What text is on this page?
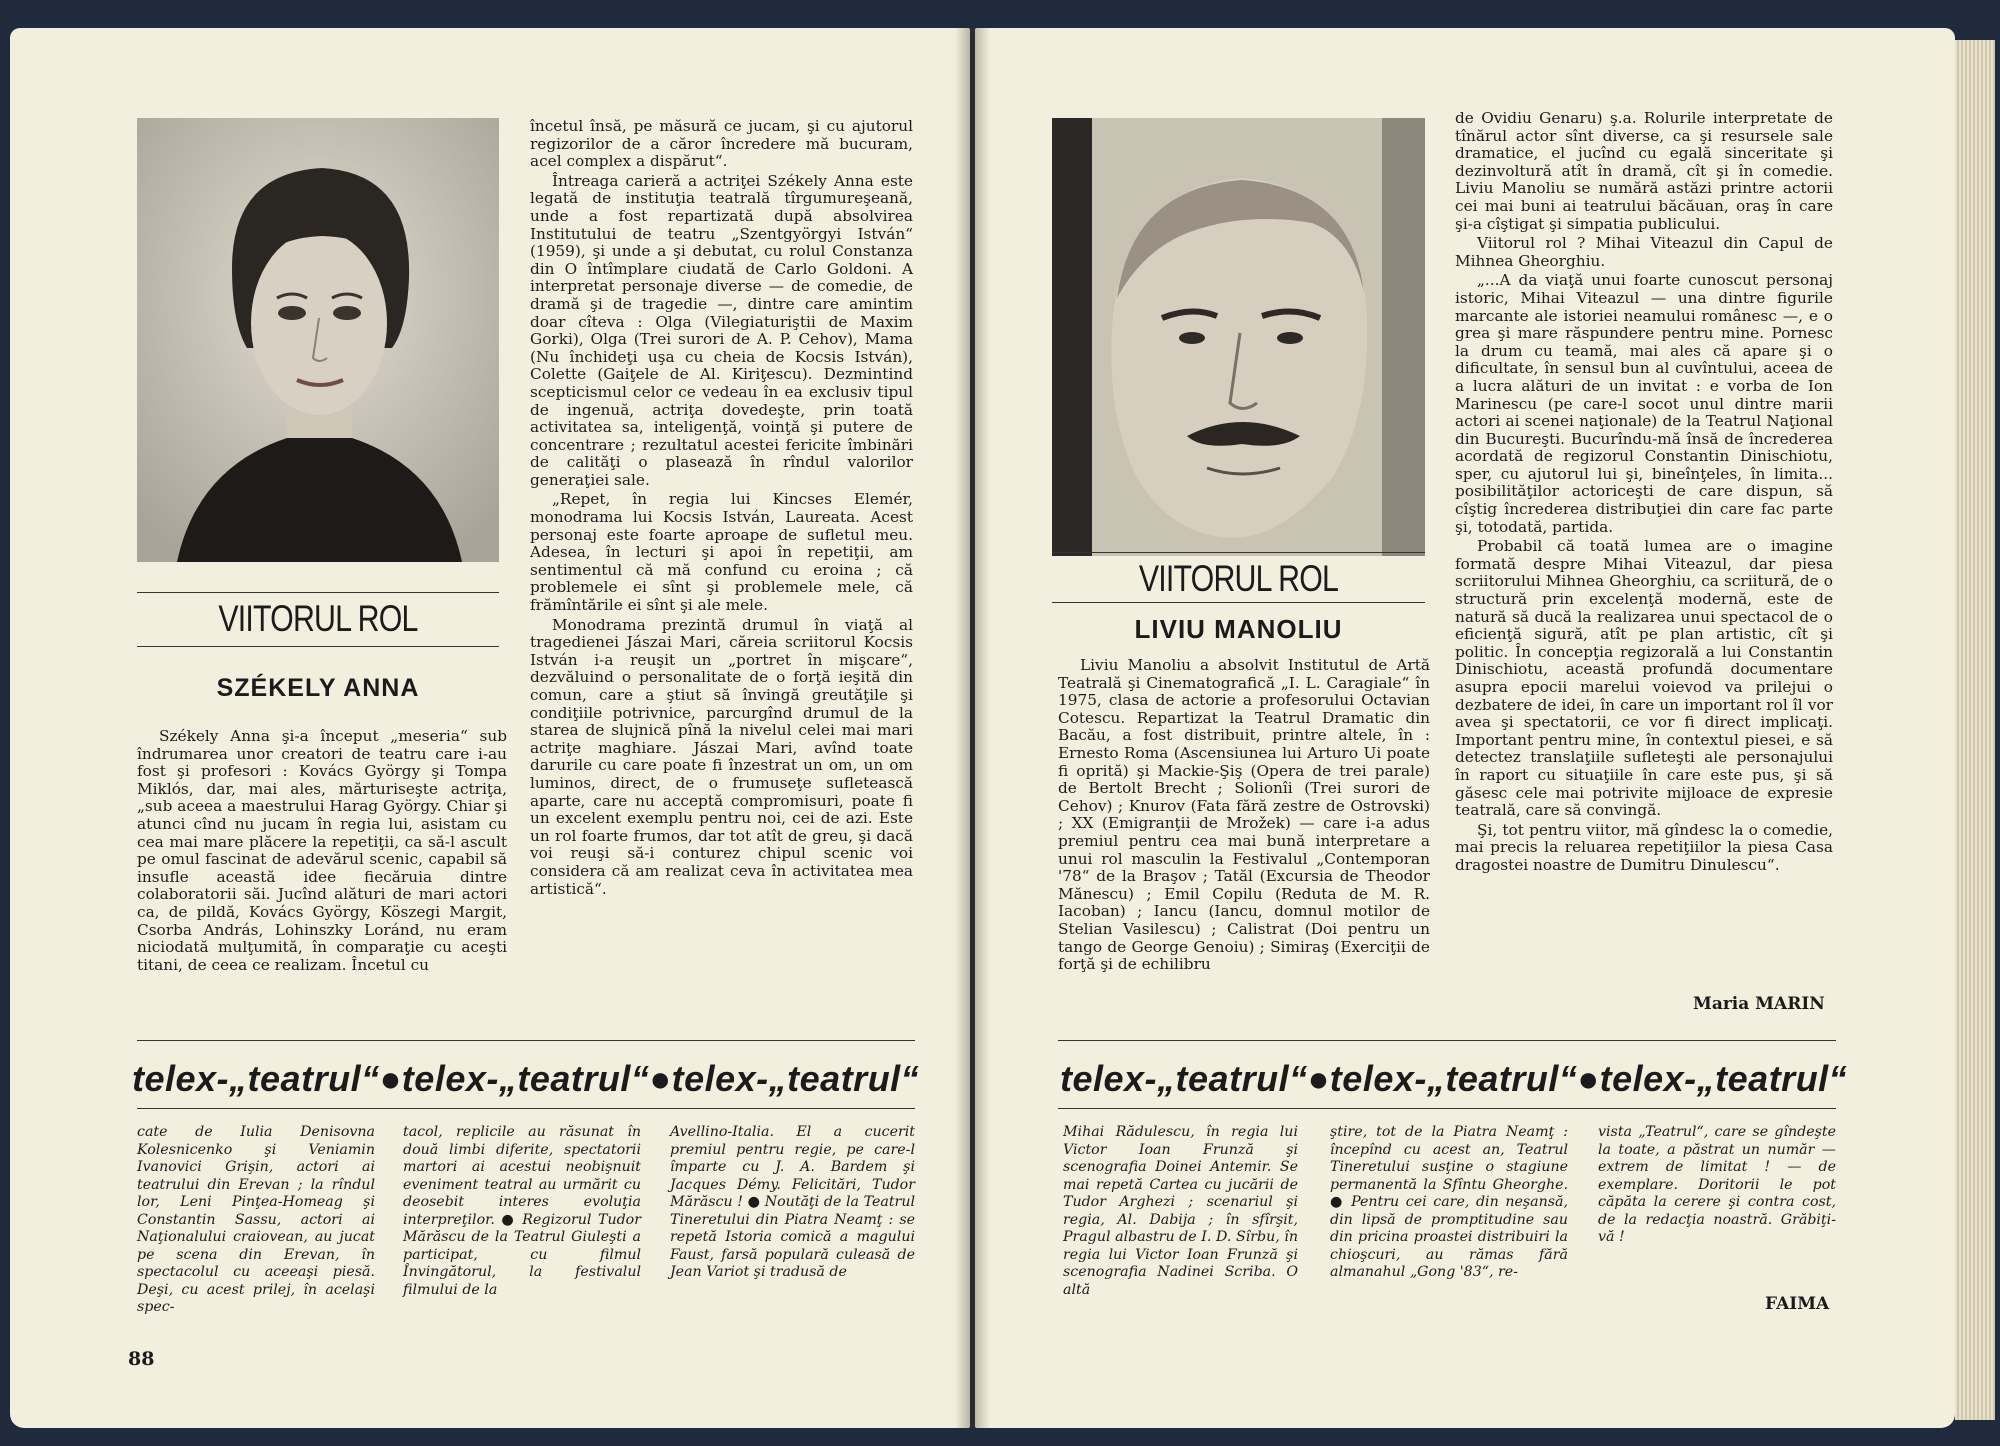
VIITORUL ROL
SZÉKELY ANNA

Székely Anna şi-a început „meseria“ sub îndrumarea unor creatori de teatru care i-au fost şi profesori : Kovács György şi Tompa Miklós, dar, mai ales, mărturiseşte actriţa, „sub aceea a maestrului Harag György. Chiar şi atunci cînd nu jucam în regia lui, asistam cu cea mai mare plăcere la repetiţii, ca să-l ascult pe omul fascinat de adevărul scenic, capabil să insufle această idee fiecăruia dintre colaboratorii săi. Jucînd alături de mari actori ca, de pildă, Kovács György, Köszegi Margit, Csorba András, Lohinszky Loránd, nu eram niciodată mulţumită, în comparaţie cu aceşti titani, de ceea ce realizam. Încetul cu

încetul însă, pe măsură ce jucam, şi cu ajutorul regizorilor de a căror încredere mă bucuram, acel complex a dispărut“.

Întreaga carieră a actriţei Székely Anna este legată de instituţia teatrală tîrgumureşeană, unde a fost repartizată după absolvirea Institutului de teatru „Szentgyörgyi István“ (1959), şi unde a şi debutat, cu rolul Constanza din O întîmplare ciudată de Carlo Goldoni. A interpretat personaje diverse — de comedie, de dramă şi de tragedie —, dintre care amintim doar cîteva : Olga (Vilegiaturiştii de Maxim Gorki), Olga (Trei surori de A. P. Cehov), Mama (Nu închideţi uşa cu cheia de Kocsis István), Colette (Gaiţele de Al. Kiriţescu). Dezmintind scepticismul celor ce vedeau în ea exclusiv tipul de ingenuă, actriţa dovedeşte, prin toată activitatea sa, inteligenţă, voinţă şi putere de concentrare ; rezultatul acestei fericite îmbinări de calităţi o plasează în rîndul valorilor generaţiei sale.

„Repet, în regia lui Kincses Elemér, monodrama lui Kocsis István, Laureata. Acest personaj este foarte aproape de sufletul meu. Adesea, în lecturi şi apoi în repetiţii, am sentimentul că mă confund cu eroina ; că problemele ei sînt şi problemele mele, că frămîntările ei sînt şi ale mele.

Monodrama prezintă drumul în viaţă al tragedienei Jászai Mari, căreia scriitorul Kocsis István i-a reuşit un „portret în mişcare“, dezvăluind o personalitate de o forţă ieşită din comun, care a ştiut să învingă greutăţile şi condiţiile potrivnice, parcurgînd drumul de la starea de slujnică pînă la nivelul celei mai mari actriţe maghiare. Jászai Mari, avînd toate darurile cu care poate fi înzestrat un om, un om luminos, direct, de o frumuseţe sufletească aparte, care nu acceptă compromisuri, poate fi un excelent exemplu pentru noi, cei de azi. Este un rol foarte frumos, dar tot atît de greu, şi dacă voi reuşi să-i conturez chipul scenic voi considera că am realizat ceva în activitatea mea artistică“.

telex-„teatrul“●telex-„teatrul“●telex-„teatrul“
cate de Iulia Denisovna Kolesnicenko şi Veniamin Ivanovici Grişin, actori ai teatrului din Erevan ; la rîndul lor, Leni Pinţea-Homeag şi Constantin Sassu, actori ai Naţionalului craiovean, au jucat pe scena din Erevan, în spectacolul cu aceeaşi piesă. Deşi, cu acest prilej, în acelaşi spec-
tacol, replicile au răsunat în două limbi diferite, spectatorii martori ai acestui neobişnuit eveniment teatral au urmărit cu deosebit interes evoluţia interpreţilor. ● Regizorul Tudor Mărăscu de la Teatrul Giuleşti a participat, cu filmul Învingătorul, la festivalul filmului de la
Avellino-Italia. El a cucerit premiul pentru regie, pe care-l împarte cu J. A. Bardem şi Jacques Démy. Felicitări, Tudor Mărăscu ! ● Noutăţi de la Teatrul Tineretului din Piatra Neamţ : se repetă Istoria comică a magului Faust, farsă populară culeasă de Jean Variot şi tradusă de
88
VIITORUL ROL
LIVIU MANOLIU

Liviu Manoliu a absolvit Institutul de Artă Teatrală şi Cinematografică „I. L. Caragiale“ în 1975, clasa de actorie a profesorului Octavian Cotescu. Repartizat la Teatrul Dramatic din Bacău, a fost distribuit, printre altele, în : Ernesto Roma (Ascensiunea lui Arturo Ui poate fi oprită) şi Mackie-Şiş (Opera de trei parale) de Bertolt Brecht ; Solionîi (Trei surori de Cehov) ; Knurov (Fata fără zestre de Ostrovski) ; XX (Emigranţii de Mrožek) — care i-a adus premiul pentru cea mai bună interpretare a unui rol masculin la Festivalul „Contemporan '78“ de la Braşov ; Tatăl (Excursia de Theodor Mănescu) ; Emil Copilu (Reduta de M. R. Iacoban) ; Iancu (Iancu, domnul motilor de Stelian Vasilescu) ; Calistrat (Doi pentru un tango de George Genoiu) ; Simiraş (Exerciţii de forţă şi de echilibru

de Ovidiu Genaru) ş.a. Rolurile interpretate de tînărul actor sînt diverse, ca şi resursele sale dramatice, el jucînd cu egală sinceritate şi dezinvoltură atît în dramă, cît şi în comedie. Liviu Manoliu se numără astăzi printre actorii cei mai buni ai teatrului băcăuan, oraş în care şi-a cîştigat şi simpatia publicului.

Viitorul rol ? Mihai Viteazul din Capul de Mihnea Gheorghiu.

„...A da viaţă unui foarte cunoscut personaj istoric, Mihai Viteazul — una dintre figurile marcante ale istoriei neamului românesc —, e o grea şi mare răspundere pentru mine. Pornesc la drum cu teamă, mai ales că apare şi o dificultate, în sensul bun al cuvîntului, aceea de a lucra alături de un invitat : e vorba de Ion Marinescu (pe care-l socot unul dintre marii actori ai scenei naţionale) de la Teatrul Naţional din Bucureşti. Bucurîndu-mă însă de încrederea acordată de regizorul Constantin Dinischiotu, sper, cu ajutorul lui şi, bineînţeles, în limita... posibilităţilor actoriceşti de care dispun, să cîştig încrederea distribuţiei din care fac parte şi, totodată, partida.

Probabil că toată lumea are o imagine formată despre Mihai Viteazul, dar piesa scriitorului Mihnea Gheorghiu, ca scriitură, de o structură prin excelenţă modernă, este de natură să ducă la realizarea unui spectacol de o eficienţă sigură, atît pe plan artistic, cît şi politic. În concepţia regizorală a lui Constantin Dinischiotu, această profundă documentare asupra epocii marelui voievod va prilejui o dezbatere de idei, în care un important rol îl vor avea şi spectatorii, ce vor fi direct implicaţi. Important pentru mine, în contextul piesei, e să detectez translaţiile sufleteşti ale personajului în raport cu situaţiile în care este pus, şi să găsesc cele mai potrivite mijloace de expresie teatrală, care să convingă.

Şi, tot pentru viitor, mă gîndesc la o comedie, mai precis la reluarea repetiţiilor la piesa Casa dragostei noastre de Dumitru Dinulescu“.

Maria MARIN
telex-„teatrul“●telex-„teatrul“●telex-„teatrul“
Mihai Rădulescu, în regia lui Victor Ioan Frunză şi scenografia Doinei Antemir. Se mai repetă Cartea cu jucării de Tudor Arghezi ; scenariul şi regia, Al. Dabija ; în sfîrşit, Pragul albastru de I. D. Sîrbu, în regia lui Victor Ioan Frunză şi scenografia Nadinei Scriba. O altă
ştire, tot de la Piatra Neamţ : începînd cu acest an, Teatrul Tineretului susţine o stagiune permanentă la Sfîntu Gheorghe. ● Pentru cei care, din neşansă, din lipsă de promptitudine sau din pricina proastei distribuiri la chioşcuri, au rămas fără almanahul „Gong '83“, re-
vista „Teatrul“, care se gîndeşte la toate, a păstrat un număr — extrem de limitat ! — de exemplare. Doritorii le pot căpăta la cerere şi contra cost, de la redacţia noastră. Grăbiţi-vă !
FAIMA
